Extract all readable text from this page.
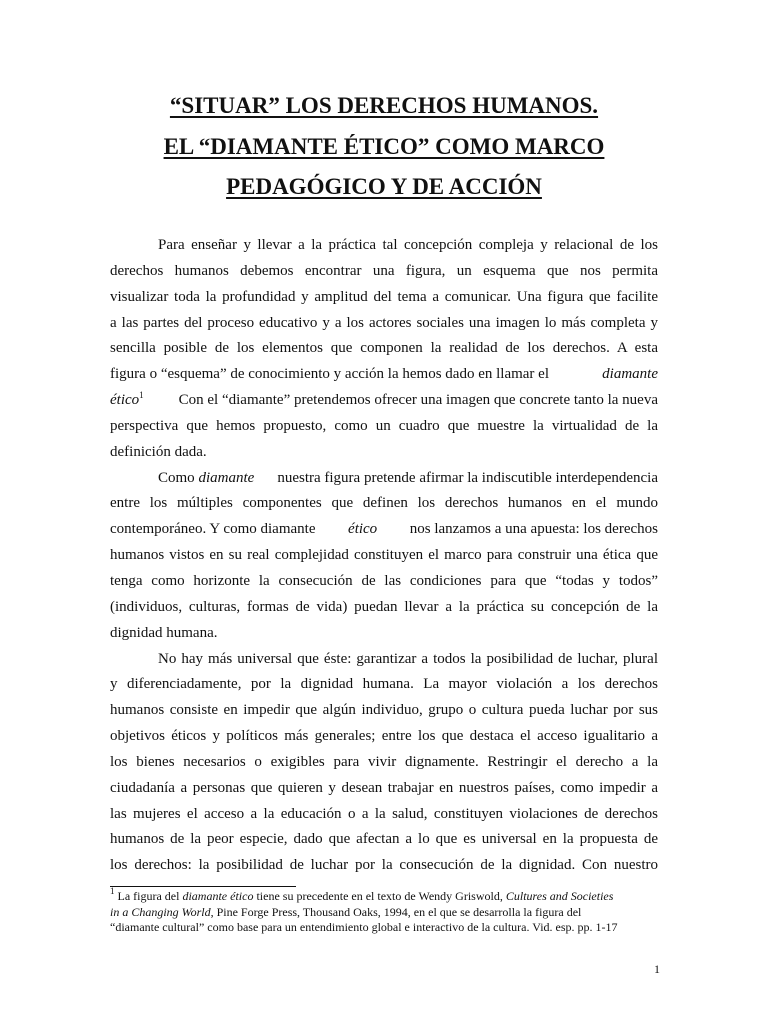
“SITUAR” LOS DERECHOS HUMANOS.
EL “DIAMANTE ÉTICO” COMO MARCO
PEDAGÓGICO Y DE ACCIÓN
Para enseñar y llevar a la práctica tal concepción compleja y relacional de los
derechos humanos debemos encontrar una figura, un esquema que nos permita
visualizar toda la profundidad y amplitud del tema a comunicar. Una figura que facilite
a las partes del proceso educativo y a los actores sociales una imagen lo más completa y
sencilla posible de los elementos que componen la realidad de los derechos. A esta
figura o “esquema” de conocimiento y acción la hemos dado en llamar el	diamante
ético$^1$ Con el “diamante” pretendemos ofrecer una imagen que concrete tanto la nueva
perspectiva que hemos propuesto, como un cuadro que muestre la virtualidad de la
definición dada.
Como diamante nuestra figura pretende afirmar la indiscutible interdependencia
entre los múltiples componentes que definen los derechos humanos en el mundo
contemporáneo. Y como diamante ético nos lanzamos a una apuesta: los derechos
humanos vistos en su real complejidad constituyen el marco para construir una ética que
tenga como horizonte la consecución de las condiciones para que “todas y todos”
(individuos, culturas, formas de vida) puedan llevar a la práctica su concepción de la
dignidad humana.
No hay más universal que éste: garantizar a todos la posibilidad de luchar, plural
y diferenciadamente, por la dignidad humana. La mayor violación a los derechos
humanos consiste en impedir que algún individuo, grupo o cultura pueda luchar por sus
objetivos éticos y políticos más generales; entre los que destaca el acceso igualitario a
los bienes necesarios o exigibles para vivir dignamente. Restringir el derecho a la
ciudadanía a personas que quieren y desean trabajar en nuestros países, como impedir a
las mujeres el acceso a la educación o a la salud, constituyen violaciones de derechos
humanos de la peor especie, dado que afectan a lo que es universal en la propuesta de
los derechos: la posibilidad de luchar por la consecución de la dignidad. Con nuestro
$^1$ La figura del diamante ético tiene su precedente en el texto de Wendy Griswold, Cultures and Societies
in a Changing World, Pine Forge Press, Thousand Oaks, 1994, en el que se desarrolla la figura del
“diamante cultural” como base para un entendimiento global e interactivo de la cultura. Vid. esp. pp. 1-17
1
